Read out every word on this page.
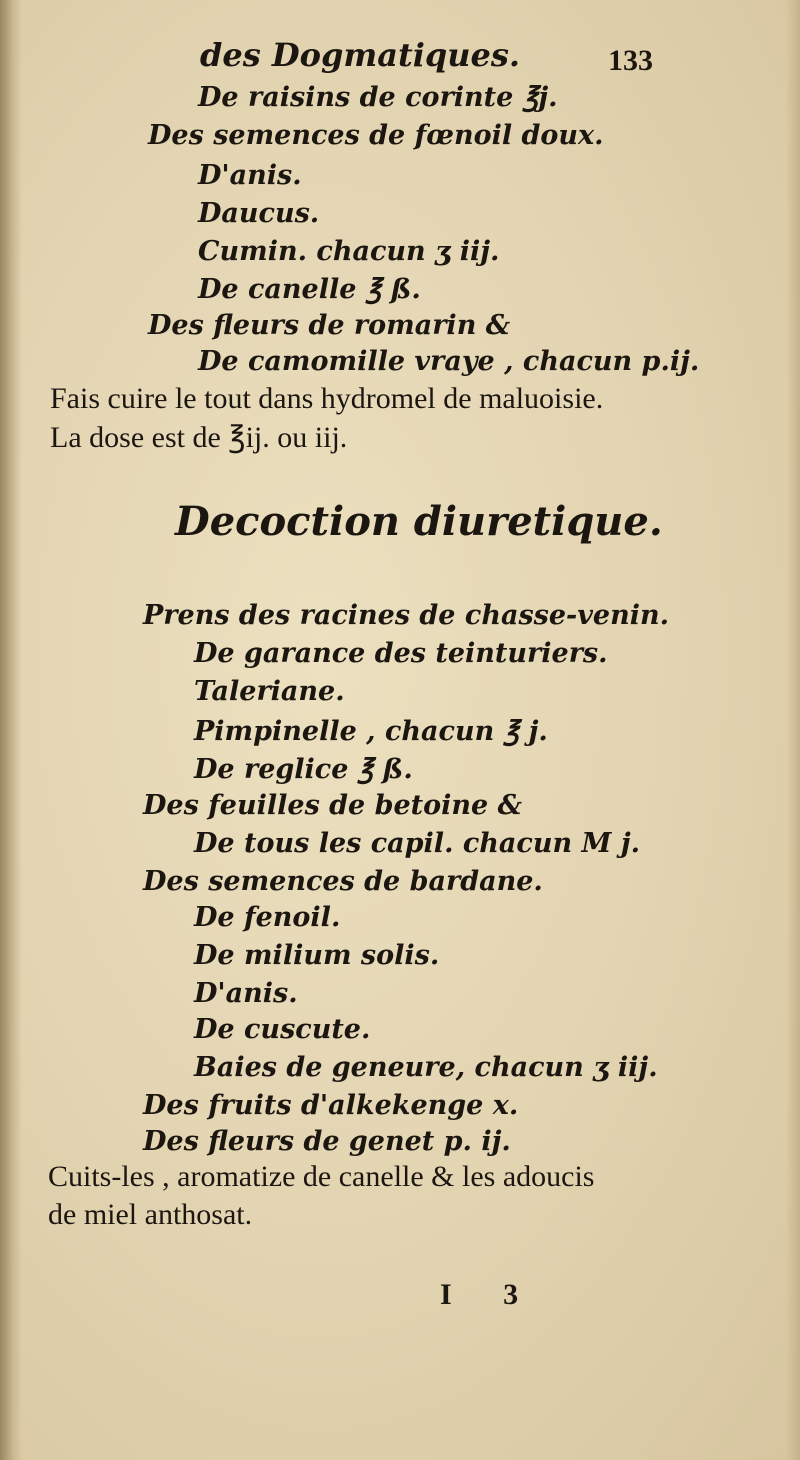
des Dogmatiques.	133
De raisins de corinte ℥j.
Des semences de fœnoil doux.
D'anis.
Daucus.
Cumin. chacun ʒ iij.
De canelle ℥ ß.
Des fleurs de romarin &
De camomille vraye , chacun p.ij.
Fais cuire le tout dans hydromel de maluoisie.
La dose est de ℥ij. ou iij.
Decoction diuretique.
Prens des racines de chasse-venin.
De garance des teinturiers.
Taleriane.
Pimpinelle , chacun ℥ j.
De reglice ℥ ß.
Des feuilles de betoine &
De tous les capil. chacun M j.
Des semences de bardane.
De fenoil.
De milium solis.
D'anis.
De cuscute.
Baies de geneure, chacun ʒ iij.
Des fruits d'alkekenge x.
Des fleurs de genet p. ij.
Cuits-les , aromatize de canelle & les adoucis
de miel anthosat.
I 3
